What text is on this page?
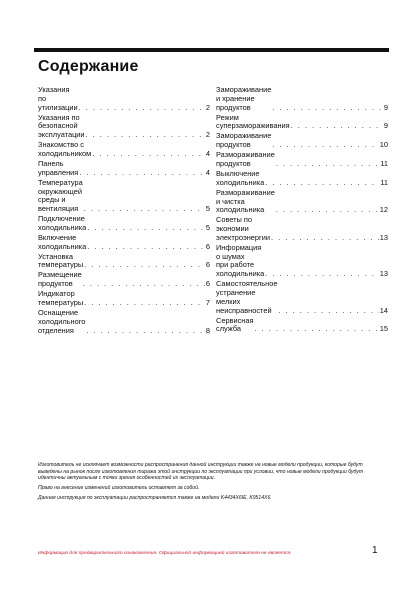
Содержание
Указания по утилизации . . .	2
Указания по безопасной
эксплуатации . . .	2
Знакомство с холодильником . . .	4
Панель управления . . .	4
Температура окружающей среды и
вентиляция . . .	5
Подключение холодильника . . .	5
Включение холодильника . . .	6
Установка температуры . . .	6
Размещение продуктов . . .	6
Индикатор температуры . . .	7
Оснащение холодильного
отделения . . .	8
Замораживание и хранение
продуктов . . .	9
Режим суперзамораживания . . .	9
Замораживание продуктов . . .	10
Размораживание продуктов . . .	11
Выключение холодильника . . .	11
Размораживание и чистка
холодильника . . .	12
Советы по экономии
электроэнергии . . .	13
Информация о шумах
при работе холодильника . . .	13
Самостоятельное устранение
мелких неисправностей . . .	14
Сервисная служба . . .	15

Изготовитель не исключает возможности распространения данной инструкции также на новые модели продукции, которые будут выведены на рынок после изготовления тиража этой инструкции по эксплуатации при условии, что новые модели продукции будут идентичны актуальным с точки зрения особенностей их эксплуатации.

Право на внесение изменений изготовитель оставляет за собой.

Данная инструкция по эксплуатации распространяется также на модели K4434X6IE, K9514X6.

Информация для предварительного ознакомления. Официальной информацией изготовителя не является.	1
